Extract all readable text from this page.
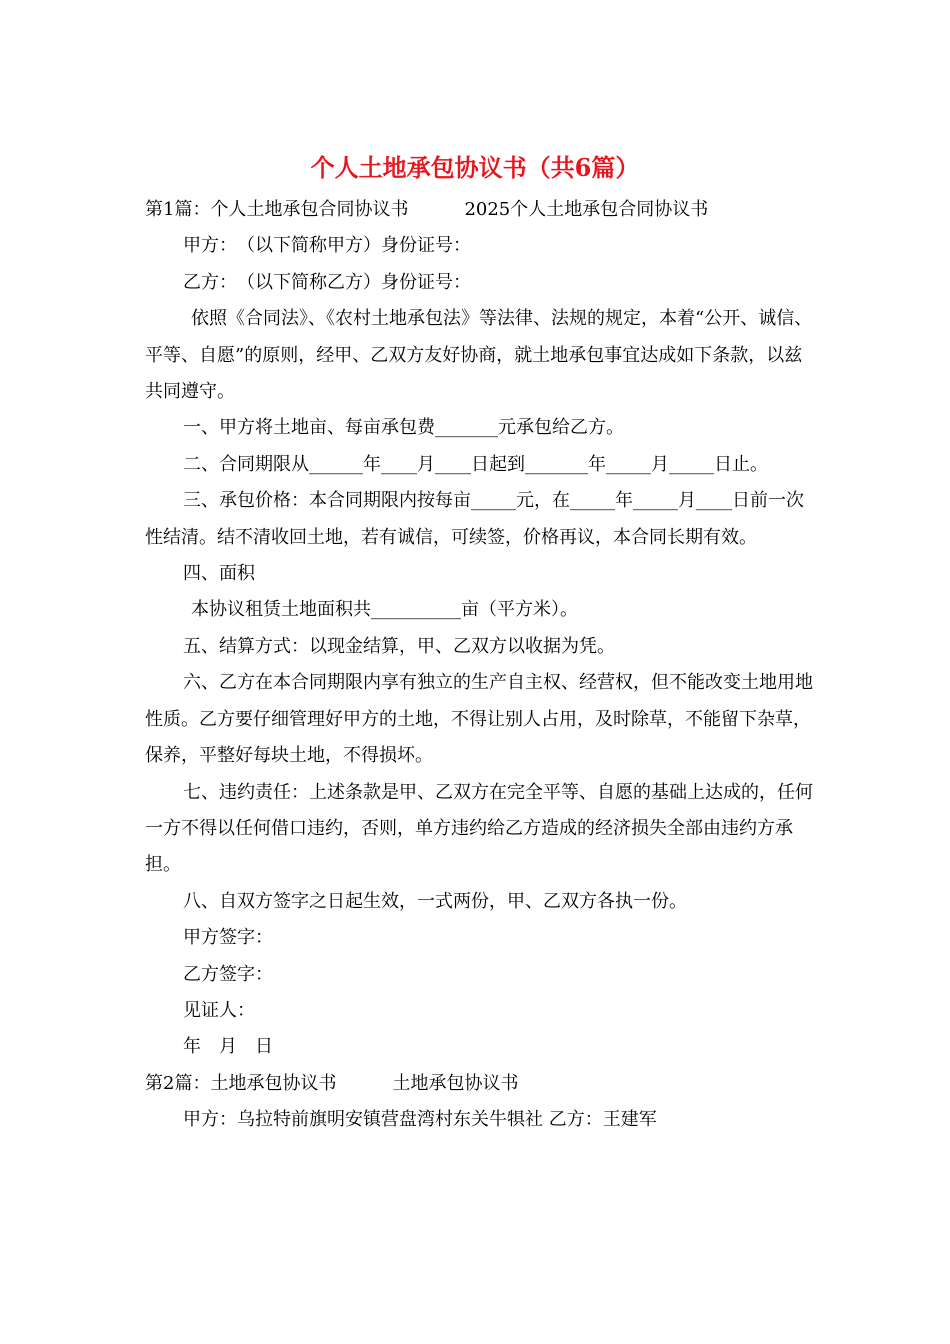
个人土地承包协议书（共6篇）

第1篇：个人土地承包合同协议书	2025个人土地承包合同协议书

甲方：　（以下简称甲方）身份证号：

乙方：　（以下简称乙方）身份证号：

依照《合同法》、《农村土地承包法》等法律、法规的规定，本着“公开、诚信、平等、自愿”的原则，经甲、乙双方友好协商，就土地承包事宜达成如下条款，以兹共同遵守。

一、甲方将土地亩、每亩承包费_______元承包给乙方。

二、合同期限从______年____月____日起到_______年_____月_____日止。

三、承包价格：本合同期限内按每亩_____元，在_____年_____月____日前一次性结清。结不清收回土地，若有诚信，可续签，价格再议，本合同长期有效。

四、面积

本协议租赁土地面积共__________亩（平方米）。

五、结算方式：以现金结算，甲、乙双方以收据为凭。

六、乙方在本合同期限内享有独立的生产自主权、经营权，但不能改变土地用地性质。乙方要仔细管理好甲方的土地，不得让别人占用，及时除草，不能留下杂草，保养，平整好每块土地，不得损坏。

七、违约责任：上述条款是甲、乙双方在完全平等、自愿的基础上达成的，任何一方不得以任何借口违约，否则，单方违约给乙方造成的经济损失全部由违约方承担。

八、自双方签字之日起生效，一式两份，甲、乙双方各执一份。

甲方签字：

乙方签字：

见证人：

年　月　日

第2篇：土地承包协议书	土地承包协议书

甲方：乌拉特前旗明安镇营盘湾村东关牛犋社 乙方：王建军
